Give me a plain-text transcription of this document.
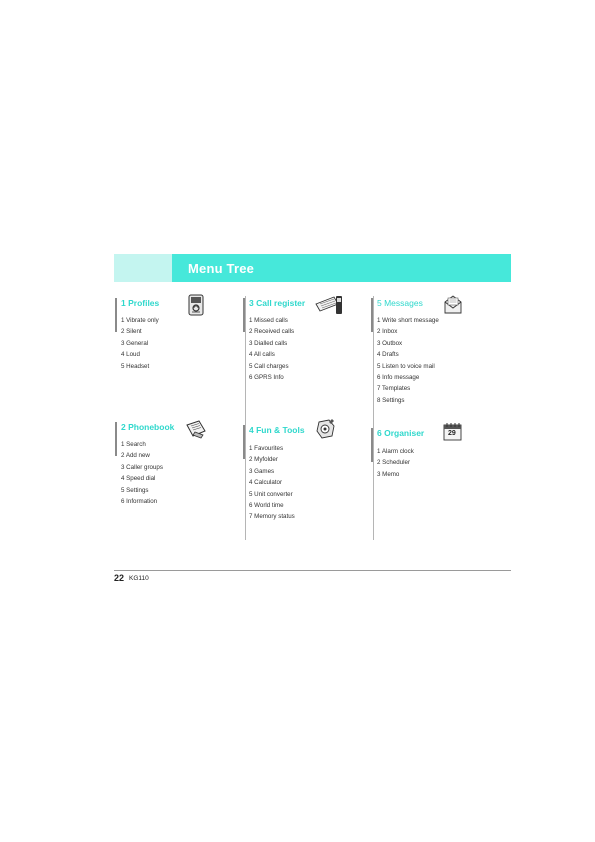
Menu Tree
1 Profiles
1 Vibrate only
2 Silent
3 General
4 Loud
5 Headset
2 Phonebook
1 Search
2 Add new
3 Caller groups
4 Speed dial
5 Settings
6 Information
3 Call register
1 Missed calls
2 Received calls
3 Dialled calls
4 All calls
5 Call charges
6 GPRS Info
4 Fun & Tools
1 Favourites
2 Myfolder
3 Games
4 Calculator
5 Unit converter
6 World time
7 Memory status
5 Messages
1 Write short message
2 Inbox
3 Outbox
4 Drafts
5 Listen to voice mail
6 Info message
7 Templates
8 Settings
6 Organiser
1 Alarm clock
2 Scheduler
3 Memo
29
22 KG110
